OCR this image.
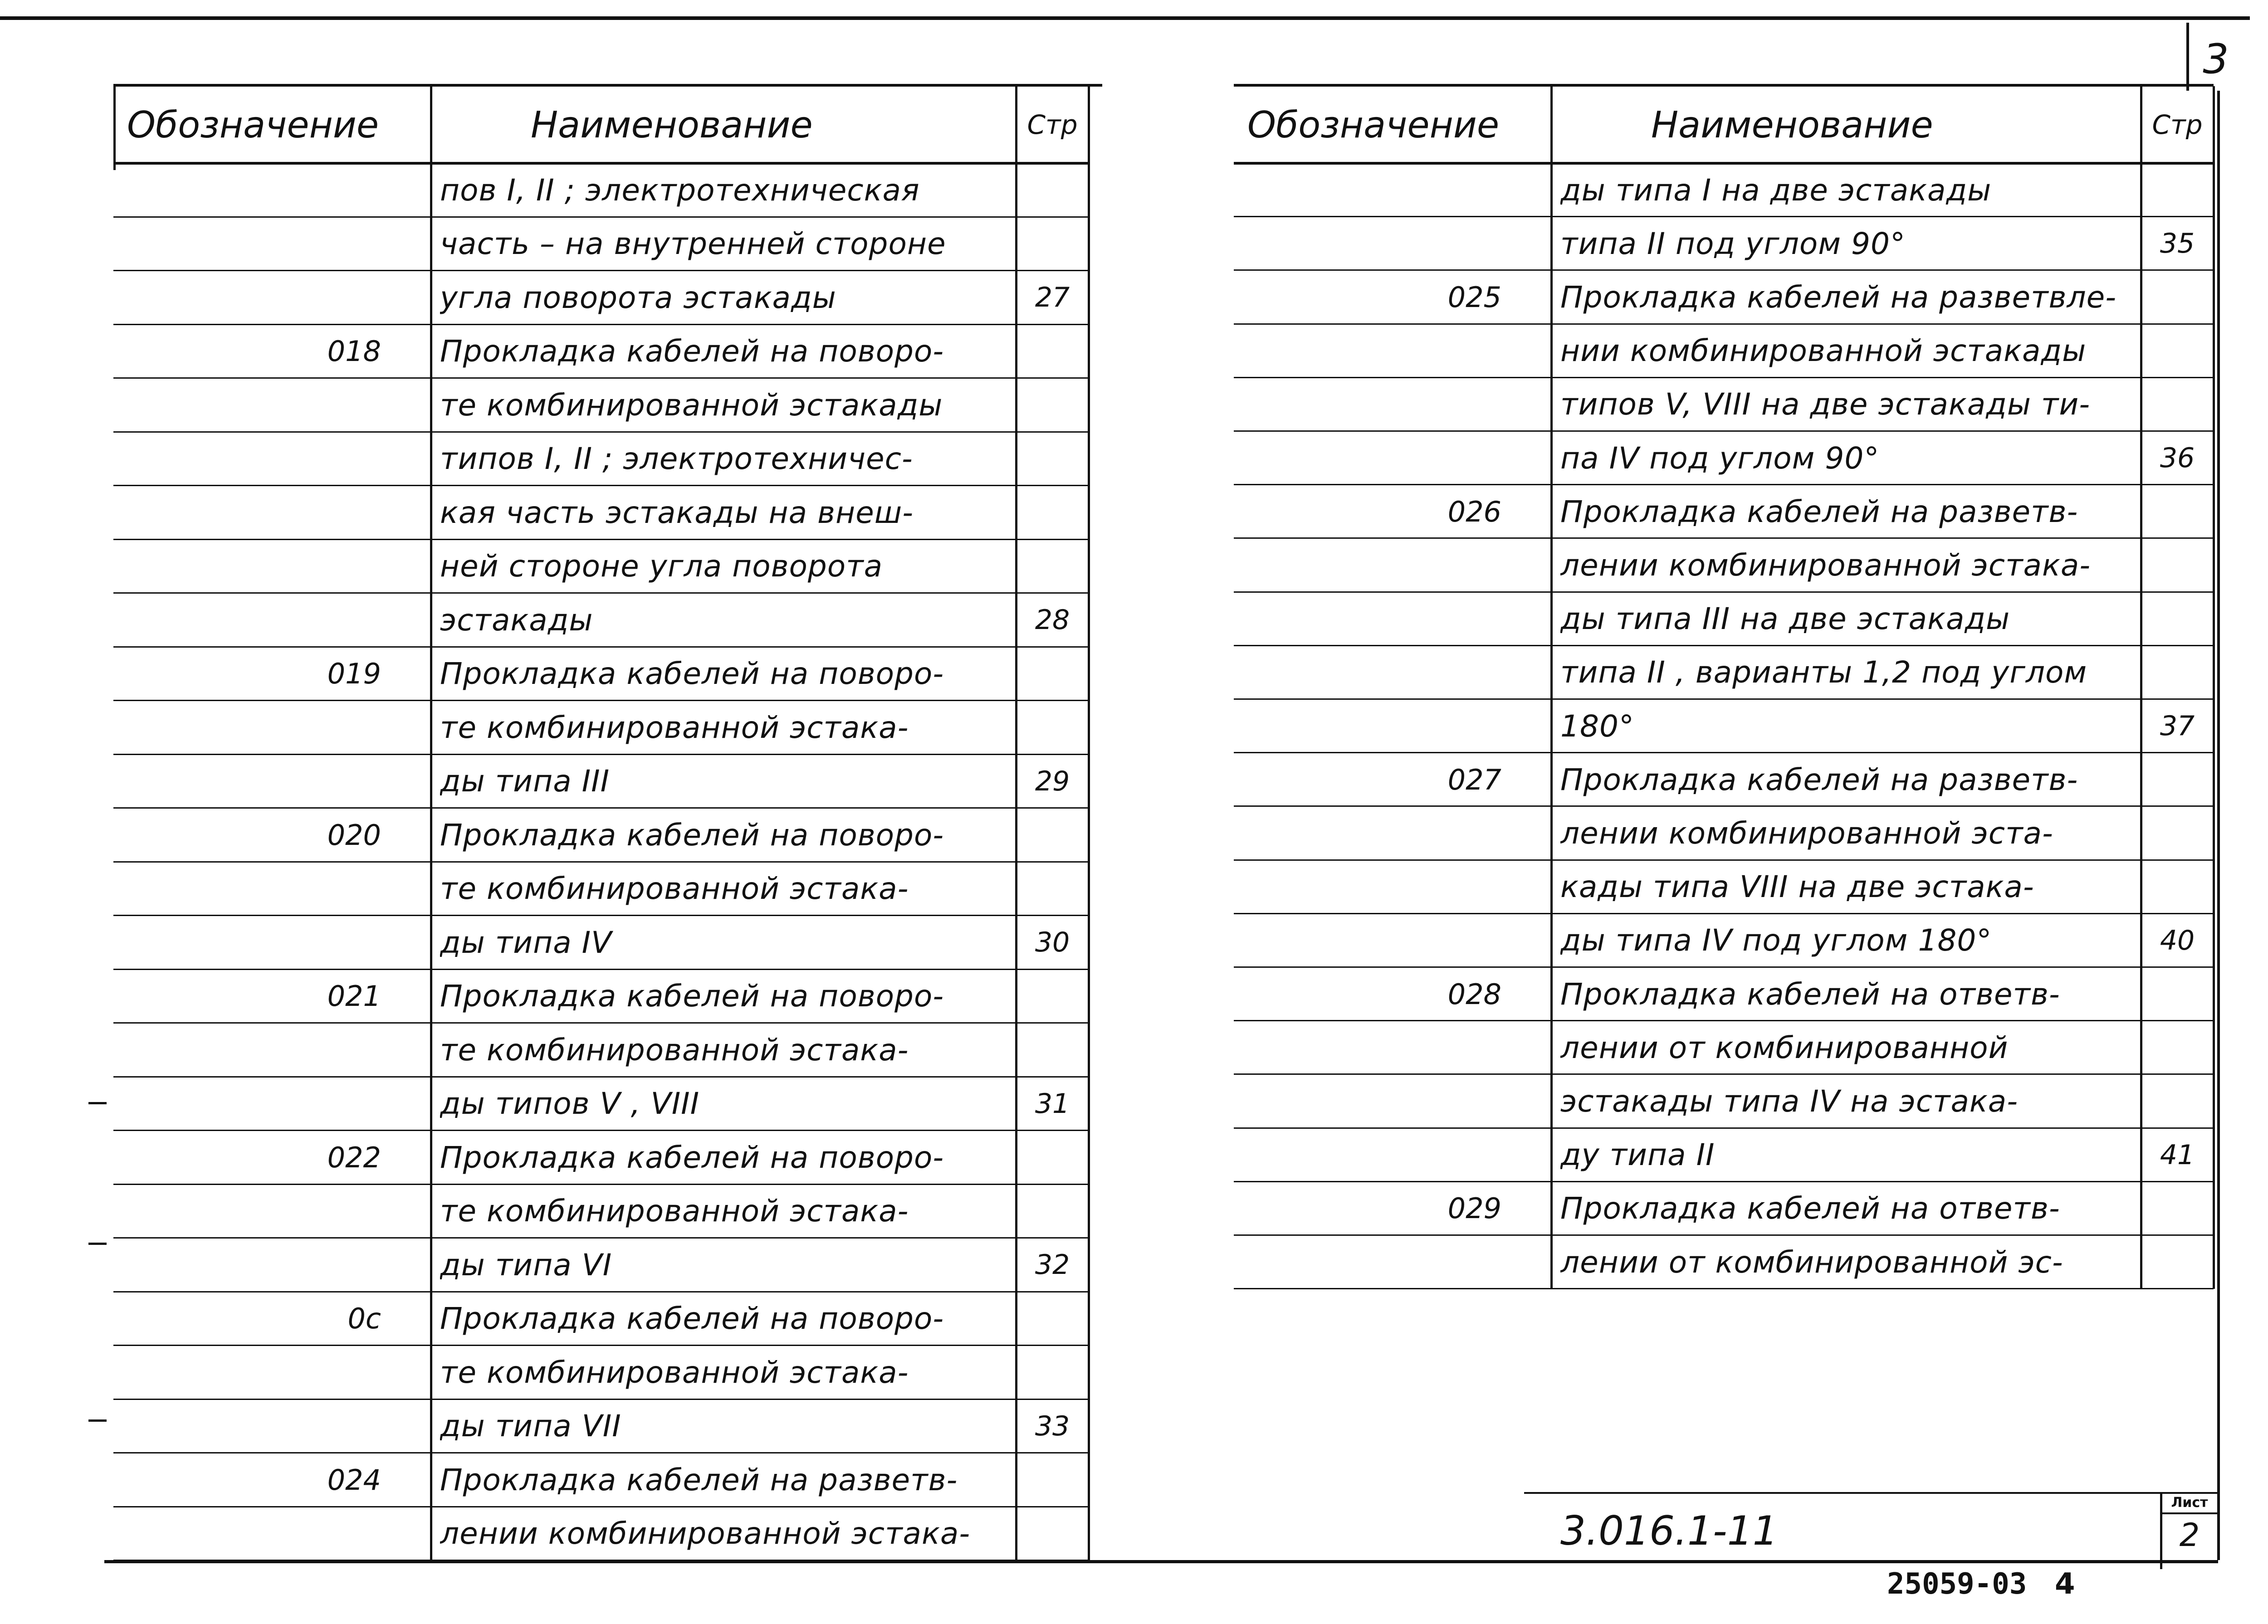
3
Обозначение	Наименование	Стр
пов I, II ; электротехническая
часть – на внутренней стороне
угла поворота эстакады	27
018 Прокладка кабелей на поворо-
те комбинированной эстакады
типов I, II ; электротехничес-
кая часть эстакады на внеш-
ней стороне угла поворота
эстакады	28
019 Прокладка кабелей на поворо-
те комбинированной эстака-
ды типа III	29
020 Прокладка кабелей на поворо-
те комбинированной эстака-
ды типа IV	30
021 Прокладка кабелей на поворо-
те комбинированной эстака-
ды типов V , VIII	31
022 Прокладка кабелей на поворо-
те комбинированной эстака-
ды типа VI	32
0c Прокладка кабелей на поворо-
те комбинированной эстака-
ды типа VII	33
024 Прокладка кабелей на разветв-
лении комбинированной эстака-
Обозначение	Наименование	Стр
ды типа I на две эстакады
типа II под углом 90°	35
025 Прокладка кабелей на разветвле-
нии комбинированной эстакады
типов V, VIII на две эстакады ти-
па IV под углом 90°	36
026 Прокладка кабелей на разветв-
лении комбинированной эстака-
ды типа III на две эстакады
типа II , варианты 1,2 под углом
180°	37
027 Прокладка кабелей на разветв-
лении комбинированной эста-
кады типа VIII на две эстака-
ды типа IV под углом 180°	40
028 Прокладка кабелей на ответв-
лении от комбинированной
эстакады типа IV на эстака-
ду типа II	41
029 Прокладка кабелей на ответв-
лении от комбинированной эс-
3.016.1-11
Лист
2
25059-03 4
